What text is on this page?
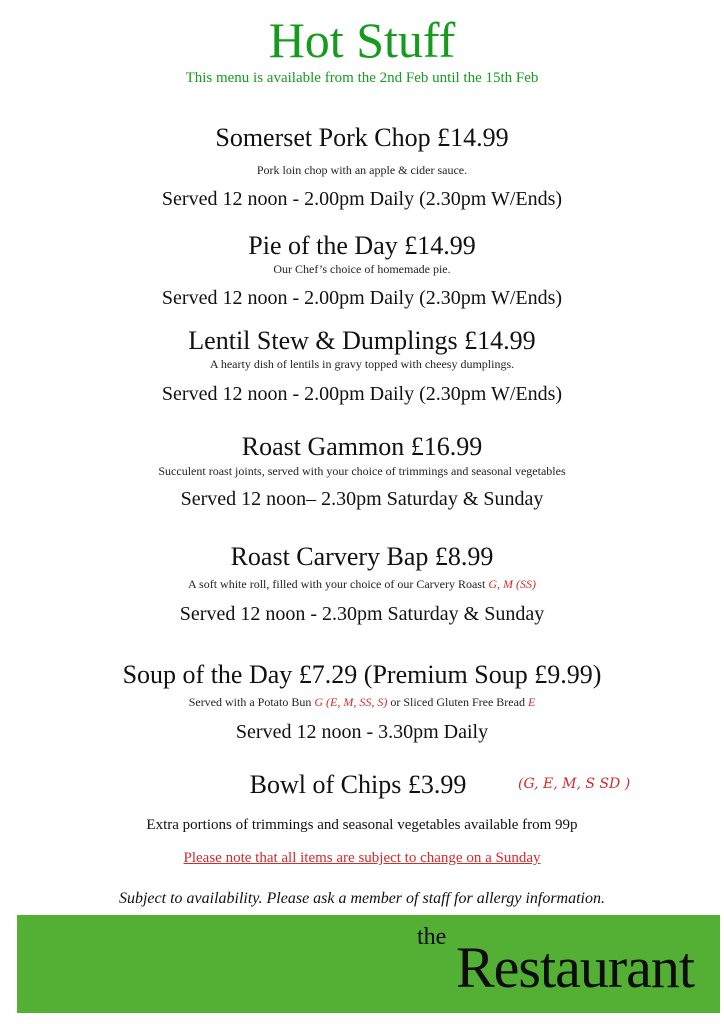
Hot Stuff
This menu is available from the 2nd Feb until the 15th Feb
Somerset Pork Chop £14.99
Pork loin chop with an apple & cider sauce.
Served 12 noon - 2.00pm Daily (2.30pm W/Ends)
Pie of the Day £14.99
Our Chef’s choice of homemade pie.
Served 12 noon - 2.00pm Daily (2.30pm W/Ends)
Lentil Stew & Dumplings £14.99
A hearty dish of lentils in gravy topped with cheesy dumplings.
Served 12 noon - 2.00pm Daily (2.30pm W/Ends)
Roast Gammon £16.99
Succulent roast joints, served with your choice of trimmings and seasonal vegetables
Served 12 noon– 2.30pm Saturday & Sunday
Roast Carvery Bap £8.99
A soft white roll, filled with your choice of our Carvery Roast G, M (SS)
Served 12 noon - 2.30pm Saturday & Sunday
Soup of the Day £7.29 (Premium Soup £9.99)
Served with a Potato Bun G (E, M, SS, S) or Sliced Gluten Free Bread E
Served 12 noon - 3.30pm Daily
Bowl of Chips £3.99	(G, E, M, S SD )
Extra portions of trimmings and seasonal vegetables available from 99p
Please note that all items are subject to change on a Sunday
Subject to availability. Please ask a member of staff for allergy information.
the Restaurant
